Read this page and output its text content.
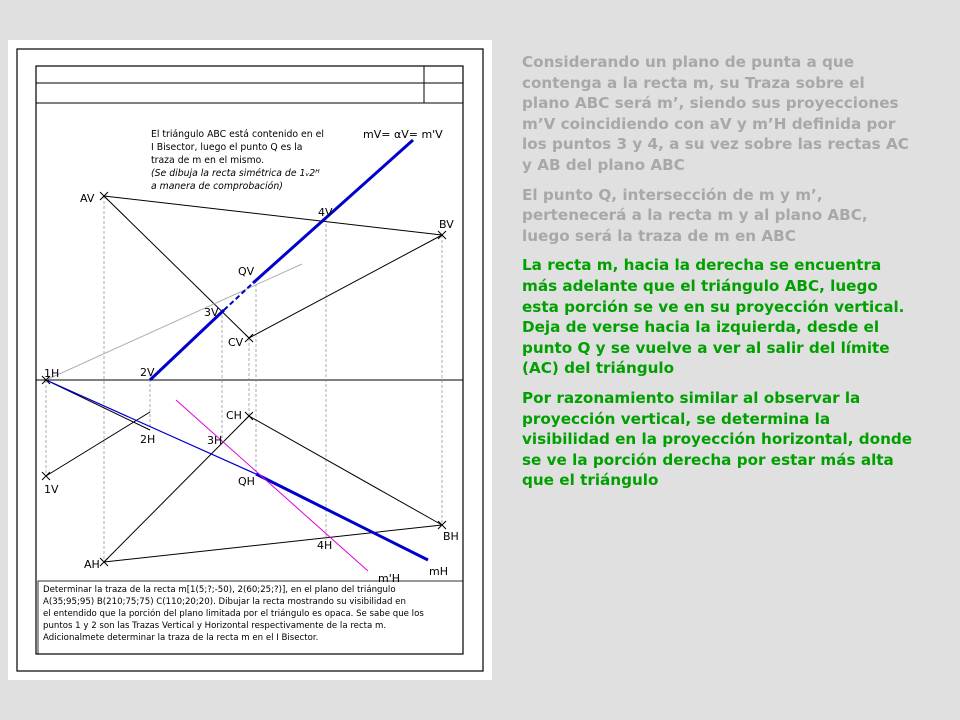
El triángulo ABC está contenido en el
I Bisector, luego el punto Q es la
traza de m en el mismo.
(Se dibuja la recta simétrica de 1ᵥ2ᴴ
a manera de comprobación)
mV= αV= m'V
AV
BV
CV
QV
3V
4V
2V
1V
1H
2H	3H
4H
AH
BH
CH
QH
mH
m'H
Determinar la traza de la recta m[1(5;?;-50), 2(60;25;?)], en el plano del triángulo
A(35;95;95) B(210;75;75) C(110;20;20). Dibujar la recta mostrando su visibilidad en
el entendido que la porción del plano limitada por el triángulo es opaca. Se sabe que los
puntos 1 y 2 son las Trazas Vertical y Horizontal respectivamente de la recta m.
Adicionalmete determinar la traza de la recta m en el I Bisector.

Considerando un plano de punta a que contenga a la recta m, su Traza sobre el plano ABC será m’, siendo sus proyecciones m’V coincidiendo con aV y m’H definida por los puntos 3 y 4, a su vez sobre las rectas AC y AB del plano ABC

El punto Q, intersección de m y m’, pertenecerá a la recta m y al plano ABC, luego será la traza de m en ABC

La recta m, hacia la derecha se encuentra más adelante que el triángulo ABC, luego esta porción se ve en su proyección vertical. Deja de verse hacia la izquierda, desde el punto Q y se vuelve a ver al salir del límite (AC) del triángulo

Por razonamiento similar al observar la proyección vertical, se determina la visibilidad en la proyección horizontal, donde se ve la porción derecha por estar más alta que el triángulo
